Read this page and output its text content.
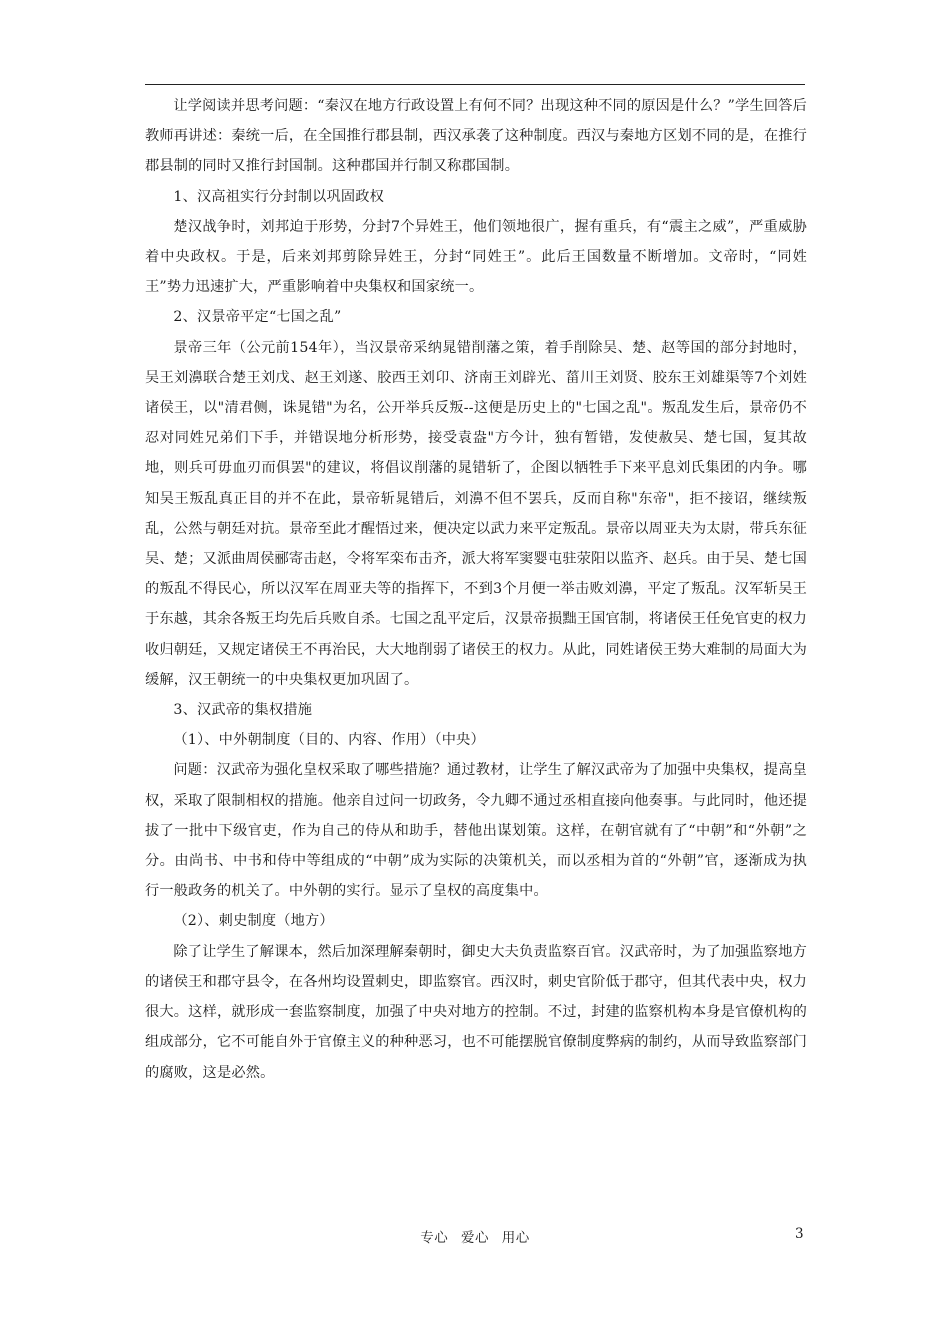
让学阅读并思考问题：“秦汉在地方行政设置上有何不同？出现这种不同的原因是什么？”学生回答后教师再讲述：秦统一后，在全国推行郡县制，西汉承袭了这种制度。西汉与秦地方区划不同的是，在推行郡县制的同时又推行封国制。这种郡国并行制又称郡国制。

1、汉高祖实行分封制以巩固政权

楚汉战争时，刘邦迫于形势，分封7个异姓王，他们领地很广，握有重兵，有“震主之威”，严重威胁着中央政权。于是，后来刘邦剪除异姓王，分封“同姓王”。此后王国数量不断增加。文帝时，“同姓王”势力迅速扩大，严重影响着中央集权和国家统一。

2、汉景帝平定“七国之乱”

景帝三年（公元前154年），当汉景帝采纳晁错削藩之策，着手削除吴、楚、赵等国的部分封地时，吴王刘濞联合楚王刘戊、赵王刘遂、胶西王刘卬、济南王刘辟光、菑川王刘贤、胶东王刘雄渠等7个刘姓诸侯王，以"清君侧，诛晁错"为名，公开举兵反叛--这便是历史上的"七国之乱"。叛乱发生后，景帝仍不忍对同姓兄弟们下手，并错误地分析形势，接受袁盎"方今计，独有暂错，发使赦吴、楚七国，复其故地，则兵可毋血刃而俱罢"的建议，将倡议削藩的晁错斩了，企图以牺牲手下来平息刘氏集团的内争。哪知吴王叛乱真正目的并不在此，景帝斩晁错后，刘濞不但不罢兵，反而自称"东帝"，拒不接诏，继续叛乱，公然与朝廷对抗。景帝至此才醒悟过来，便决定以武力来平定叛乱。景帝以周亚夫为太尉，带兵东征吴、楚；又派曲周侯郦寄击赵，令将军栾布击齐，派大将军窦婴屯驻荥阳以监齐、赵兵。由于吴、楚七国的叛乱不得民心，所以汉军在周亚夫等的指挥下，不到3个月便一举击败刘濞，平定了叛乱。汉军斩吴王于东越，其余各叛王均先后兵败自杀。七国之乱平定后，汉景帝损黜王国官制，将诸侯王任免官吏的权力收归朝廷，又规定诸侯王不再治民，大大地削弱了诸侯王的权力。从此，同姓诸侯王势大难制的局面大为缓解，汉王朝统一的中央集权更加巩固了。

3、汉武帝的集权措施

（1）、中外朝制度（目的、内容、作用）（中央）

问题：汉武帝为强化皇权采取了哪些措施？通过教材，让学生了解汉武帝为了加强中央集权，提高皇权，采取了限制相权的措施。他亲自过问一切政务，令九卿不通过丞相直接向他奏事。与此同时，他还提拔了一批中下级官吏，作为自己的侍从和助手，替他出谋划策。这样，在朝官就有了“中朝”和“外朝”之分。由尚书、中书和侍中等组成的“中朝”成为实际的决策机关，而以丞相为首的“外朝”官，逐渐成为执行一般政务的机关了。中外朝的实行。显示了皇权的高度集中。

（2）、刺史制度（地方）

除了让学生了解课本，然后加深理解秦朝时，御史大夫负责监察百官。汉武帝时，为了加强监察地方的诸侯王和郡守县令，在各州均设置刺史，即监察官。西汉时，刺史官阶低于郡守，但其代表中央，权力很大。这样，就形成一套监察制度，加强了中央对地方的控制。不过，封建的监察机构本身是官僚机构的组成部分，它不可能自外于官僚主义的种种恶习，也不可能摆脱官僚制度弊病的制约，从而导致监察部门的腐败，这是必然。

专心 爱心 用心	3
